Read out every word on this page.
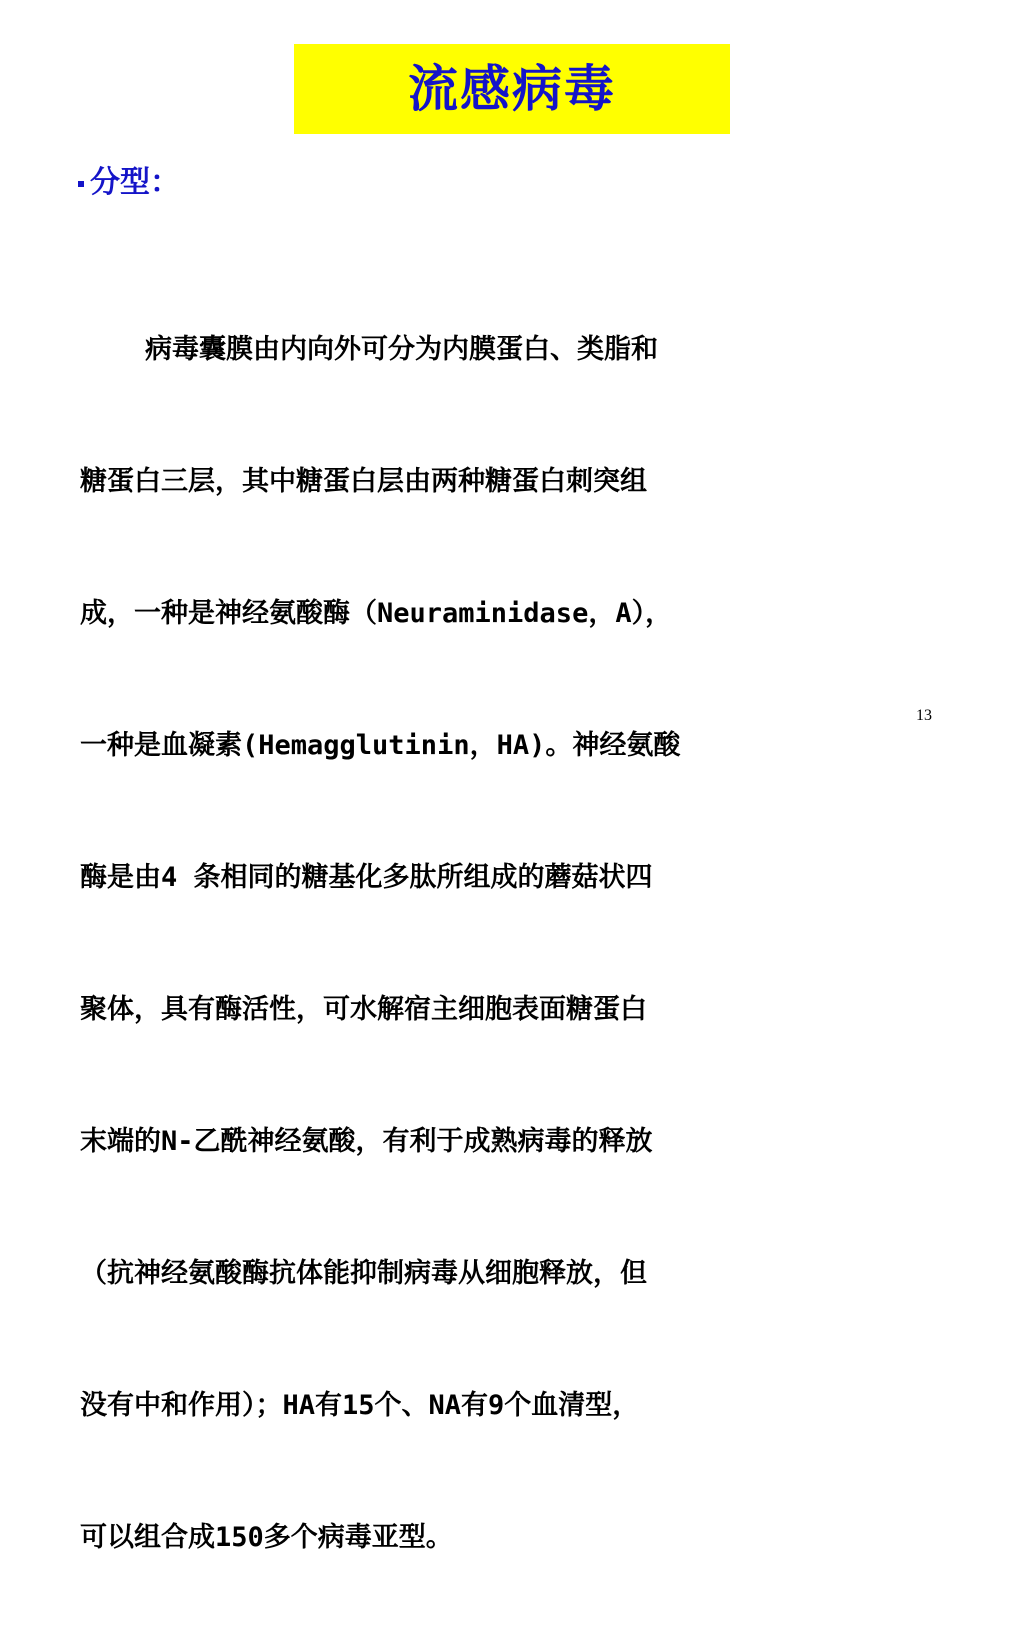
流感病毒
分型：

病毒囊膜由内向外可分为内膜蛋白、类脂和

糖蛋白三层，其中糖蛋白层由两种糖蛋白刺突组

成，一种是神经氨酸酶（Neuraminidase，A），

一种是血凝素(Hemagglutinin，HA)。神经氨酸

酶是由4 条相同的糖基化多肽所组成的蘑菇状四

聚体，具有酶活性，可水解宿主细胞表面糖蛋白

末端的N-乙酰神经氨酸，有利于成熟病毒的释放

（抗神经氨酸酶抗体能抑制病毒从细胞释放，但

没有中和作用）；HA有15个、NA有9个血清型，

可以组合成150多个病毒亚型。

13
